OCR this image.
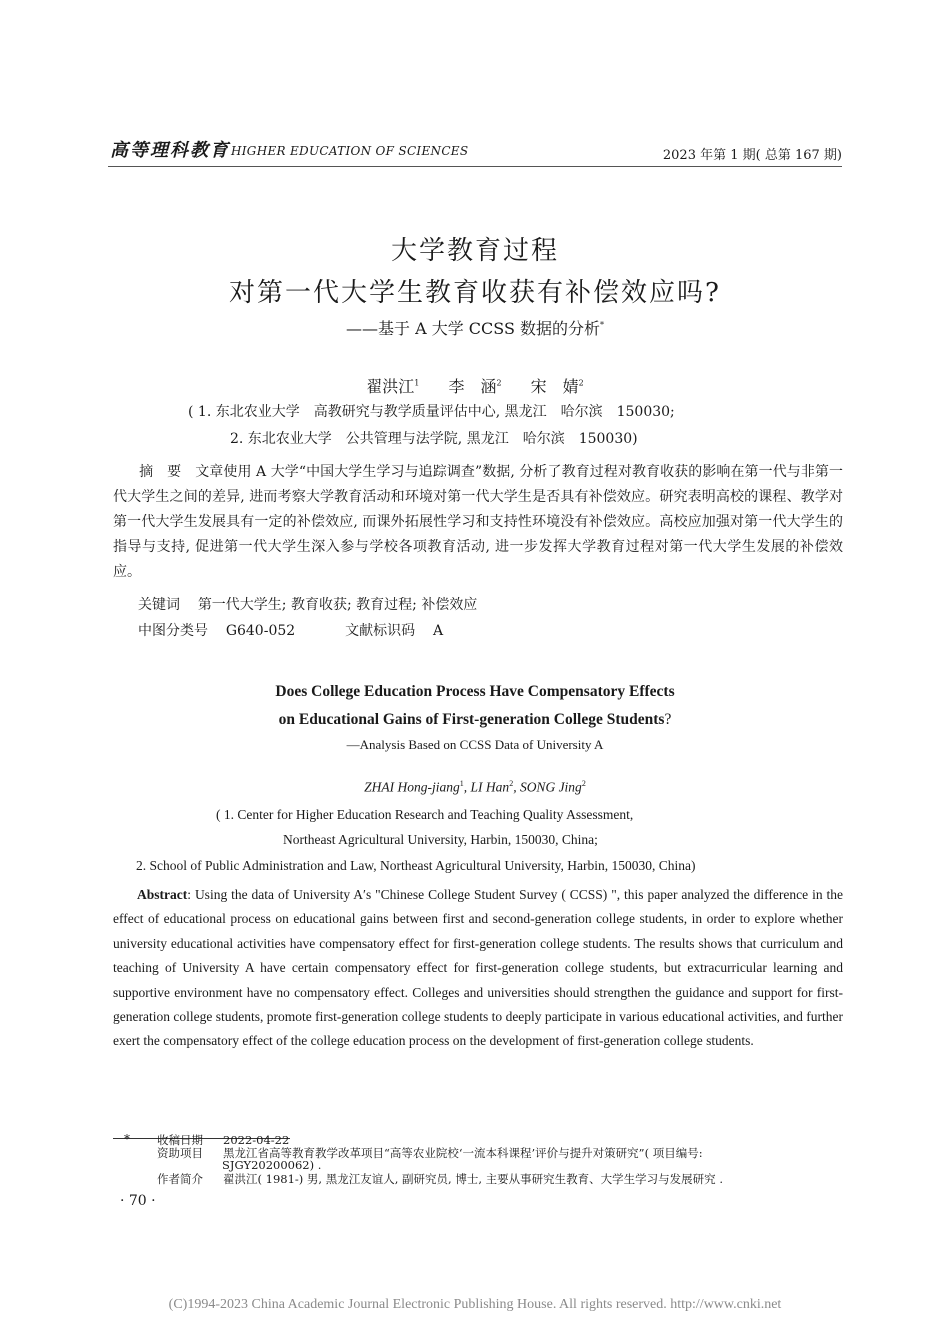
高等理科教育 HIGHER EDUCATION OF SCIENCES	2023 年第 1 期( 总第 167 期)
大学教育过程
对第一代大学生教育收获有补偿效应吗?
——基于 A 大学 CCSS 数据的分析*
翟洪江$^1$ 李　涵$^2$ 宋　婧$^2$
( 1. 东北农业大学　高教研究与教学质量评估中心, 黑龙江　哈尔滨　150030;
2. 东北农业大学　公共管理与法学院, 黑龙江　哈尔滨　150030)
摘要文章使用 A 大学“中国大学生学习与追踪调查”数据, 分析了教育过程对教育收获的影响在第一代与非第一代大学生之间的差异, 进而考察大学教育活动和环境对第一代大学生是否具有补偿效应。研究表明高校的课程、教学对第一代大学生发展具有一定的补偿效应, 而课外拓展性学习和支持性环境没有补偿效应。高校应加强对第一代大学生的指导与支持, 促进第一代大学生深入参与学校各项教育活动, 进一步发挥大学教育过程对第一代大学生发展的补偿效应。
关键词 第一代大学生; 教育收获; 教育过程; 补偿效应
中图分类号 G640-052	文献标识码 A
Does College Education Process Have Compensatory Effects
on Educational Gains of First-generation College Students?
—Analysis Based on CCSS Data of University A
ZHAI Hong-jiang$^1$, LI Han$^2$, SONG Jing$^2$
( 1. Center for Higher Education Research and Teaching Quality Assessment,
Northeast Agricultural University, Harbin, 150030, China;
2. School of Public Administration and Law, Northeast Agricultural University, Harbin, 150030, China)
Abstract: Using the data of University A′s "Chinese College Student Survey ( CCSS) ", this paper analyzed the difference in the effect of educational process on educational gains between first and second-generation college students, in order to explore whether university educational activities have compensatory effect for first-generation college students. The results shows that curriculum and teaching of University A have certain compensatory effect for first-generation college students, but extracurricular learning and supportive environment have no compensatory effect. Colleges and universities should strengthen the guidance and support for first-generation college students, promote first-generation college students to deeply participate in various educational activities, and further exert the compensatory effect of the college education process on the development of first-generation college students.
* 收稿日期 2022-04-22
资助项目 黑龙江省高等教育教学改革项目“高等农业院校‘一流本科课程’评价与提升对策研究”( 项目编号:
SJGY20200062) .
作者简介 翟洪江( 1981-) 男, 黑龙江友谊人, 副研究员, 博士, 主要从事研究生教育、大学生学习与发展研究 .
· 70 ·
(C)1994-2023 China Academic Journal Electronic Publishing House. All rights reserved. http://www.cnki.net
